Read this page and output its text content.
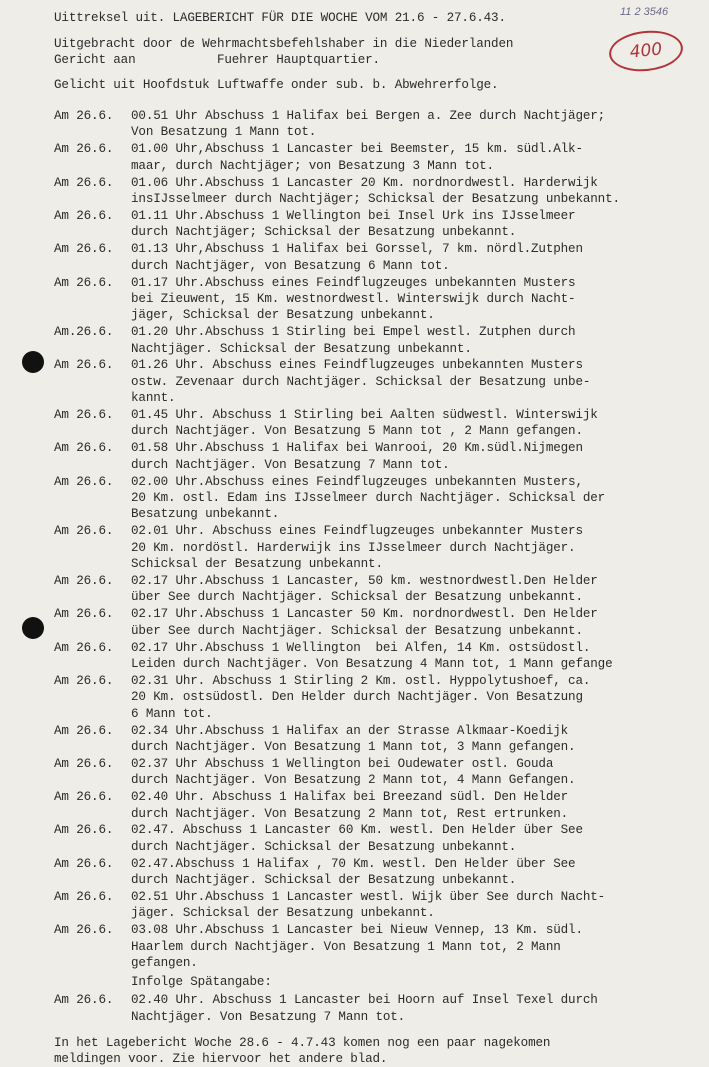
11 2 3546
400
Uittreksel uit. LAGEBERICHT FÜR DIE WOCHE VOM 21.6 - 27.6.43.
Uitgebracht door de Wehrmachtsbefehlshaber in die Niederlanden
Gericht aan           Fuehrer Hauptquartier.
Gelicht uit Hoofdstuk Luftwaffe onder sub. b. Abwehrerfolge.
Am 26.6. 00.51 Uhr Abschuss 1 Halifax bei Bergen a. Zee durch Nachtjäger;
Von Besatzung 1 Mann tot.
Am 26.6. 01.00 Uhr,Abschuss 1 Lancaster bei Beemster, 15 km. südl.Alk-
maar, durch Nachtjäger; von Besatzung 3 Mann tot.
Am 26.6. 01.06 Uhr.Abschuss 1 Lancaster 20 Km. nordnordwestl. Harderwijk
insIJsselmeer durch Nachtjäger; Schicksal der Besatzung unbekannt.
Am 26.6. 01.11 Uhr.Abschuss 1 Wellington bei Insel Urk ins IJsselmeer
durch Nachtjäger; Schicksal der Besatzung unbekannt.
Am 26.6. 01.13 Uhr,Abschuss 1 Halifax bei Gorssel, 7 km. nördl.Zutphen
durch Nachtjäger, von Besatzung 6 Mann tot.
Am 26.6. 01.17 Uhr.Abschuss eines Feindflugzeuges unbekannten Musters
bei Zieuwent, 15 Km. westnordwestl. Winterswijk durch Nacht-
jäger, Schicksal der Besatzung unbekannt.
Am.26.6. 01.20 Uhr.Abschuss 1 Stirling bei Empel westl. Zutphen durch
Nachtjäger. Schicksal der Besatzung unbekannt.
Am 26.6. 01.26 Uhr. Abschuss eines Feindflugzeuges unbekannten Musters
ostw. Zevenaar durch Nachtjäger. Schicksal der Besatzung unbe-
kannt.
Am 26.6. 01.45 Uhr. Abschuss 1 Stirling bei Aalten südwestl. Winterswijk
durch Nachtjäger. Von Besatzung 5 Mann tot , 2 Mann gefangen.
Am 26.6. 01.58 Uhr.Abschuss 1 Halifax bei Wanrooi, 20 Km.südl.Nijmegen
durch Nachtjäger. Von Besatzung 7 Mann tot.
Am 26.6. 02.00 Uhr.Abschuss eines Feindflugzeuges unbekannten Musters,
20 Km. ostl. Edam ins IJsselmeer durch Nachtjäger. Schicksal der
Besatzung unbekannt.
Am 26.6. 02.01 Uhr. Abschuss eines Feindflugzeuges unbekannter Musters
20 Km. nordöstl. Harderwijk ins IJsselmeer durch Nachtjäger.
Schicksal der Besatzung unbekannt.
Am 26.6. 02.17 Uhr.Abschuss 1 Lancaster, 50 km. westnordwestl.Den Helder
über See durch Nachtjäger. Schicksal der Besatzung unbekannt.
Am 26.6. 02.17 Uhr.Abschuss 1 Lancaster 50 Km. nordnordwestl. Den Helder
über See durch Nachtjäger. Schicksal der Besatzung unbekannt.
Am 26.6. 02.17 Uhr.Abschuss 1 Wellington  bei Alfen, 14 Km. ostsüdostl.
Leiden durch Nachtjäger. Von Besatzung 4 Mann tot, 1 Mann gefange
Am 26.6. 02.31 Uhr. Abschuss 1 Stirling 2 Km. ostl. Hyppolytushoef, ca.
20 Km. ostsüdostl. Den Helder durch Nachtjäger. Von Besatzung
6 Mann tot.
Am 26.6. 02.34 Uhr.Abschuss 1 Halifax an der Strasse Alkmaar-Koedijk
durch Nachtjäger. Von Besatzung 1 Mann tot, 3 Mann gefangen.
Am 26.6. 02.37 Uhr Abschuss 1 Wellington bei Oudewater ostl. Gouda
durch Nachtjäger. Von Besatzung 2 Mann tot, 4 Mann Gefangen.
Am 26.6. 02.40 Uhr. Abschuss 1 Halifax bei Breezand südl. Den Helder
durch Nachtjäger. Von Besatzung 2 Mann tot, Rest ertrunken.
Am 26.6. 02.47. Abschuss 1 Lancaster 60 Km. westl. Den Helder über See
durch Nachtjäger. Schicksal der Besatzung unbekannt.
Am 26.6. 02.47.Abschuss 1 Halifax , 70 Km. westl. Den Helder über See
durch Nachtjäger. Schicksal der Besatzung unbekannt.
Am 26.6. 02.51 Uhr.Abschuss 1 Lancaster westl. Wijk über See durch Nacht-
jäger. Schicksal der Besatzung unbekannt.
Am 26.6. 03.08 Uhr.Abschuss 1 Lancaster bei Nieuw Vennep, 13 Km. südl.
Haarlem durch Nachtjäger. Von Besatzung 1 Mann tot, 2 Mann
gefangen.
Infolge Spätangabe:
Am 26.6. 02.40 Uhr. Abschuss 1 Lancaster bei Hoorn auf Insel Texel durch
Nachtjäger. Von Besatzung 7 Mann tot.
In het Lagebericht Woche 28.6 - 4.7.43 komen nog een paar nagekomen
meldingen voor. Zie hiervoor het andere blad.
